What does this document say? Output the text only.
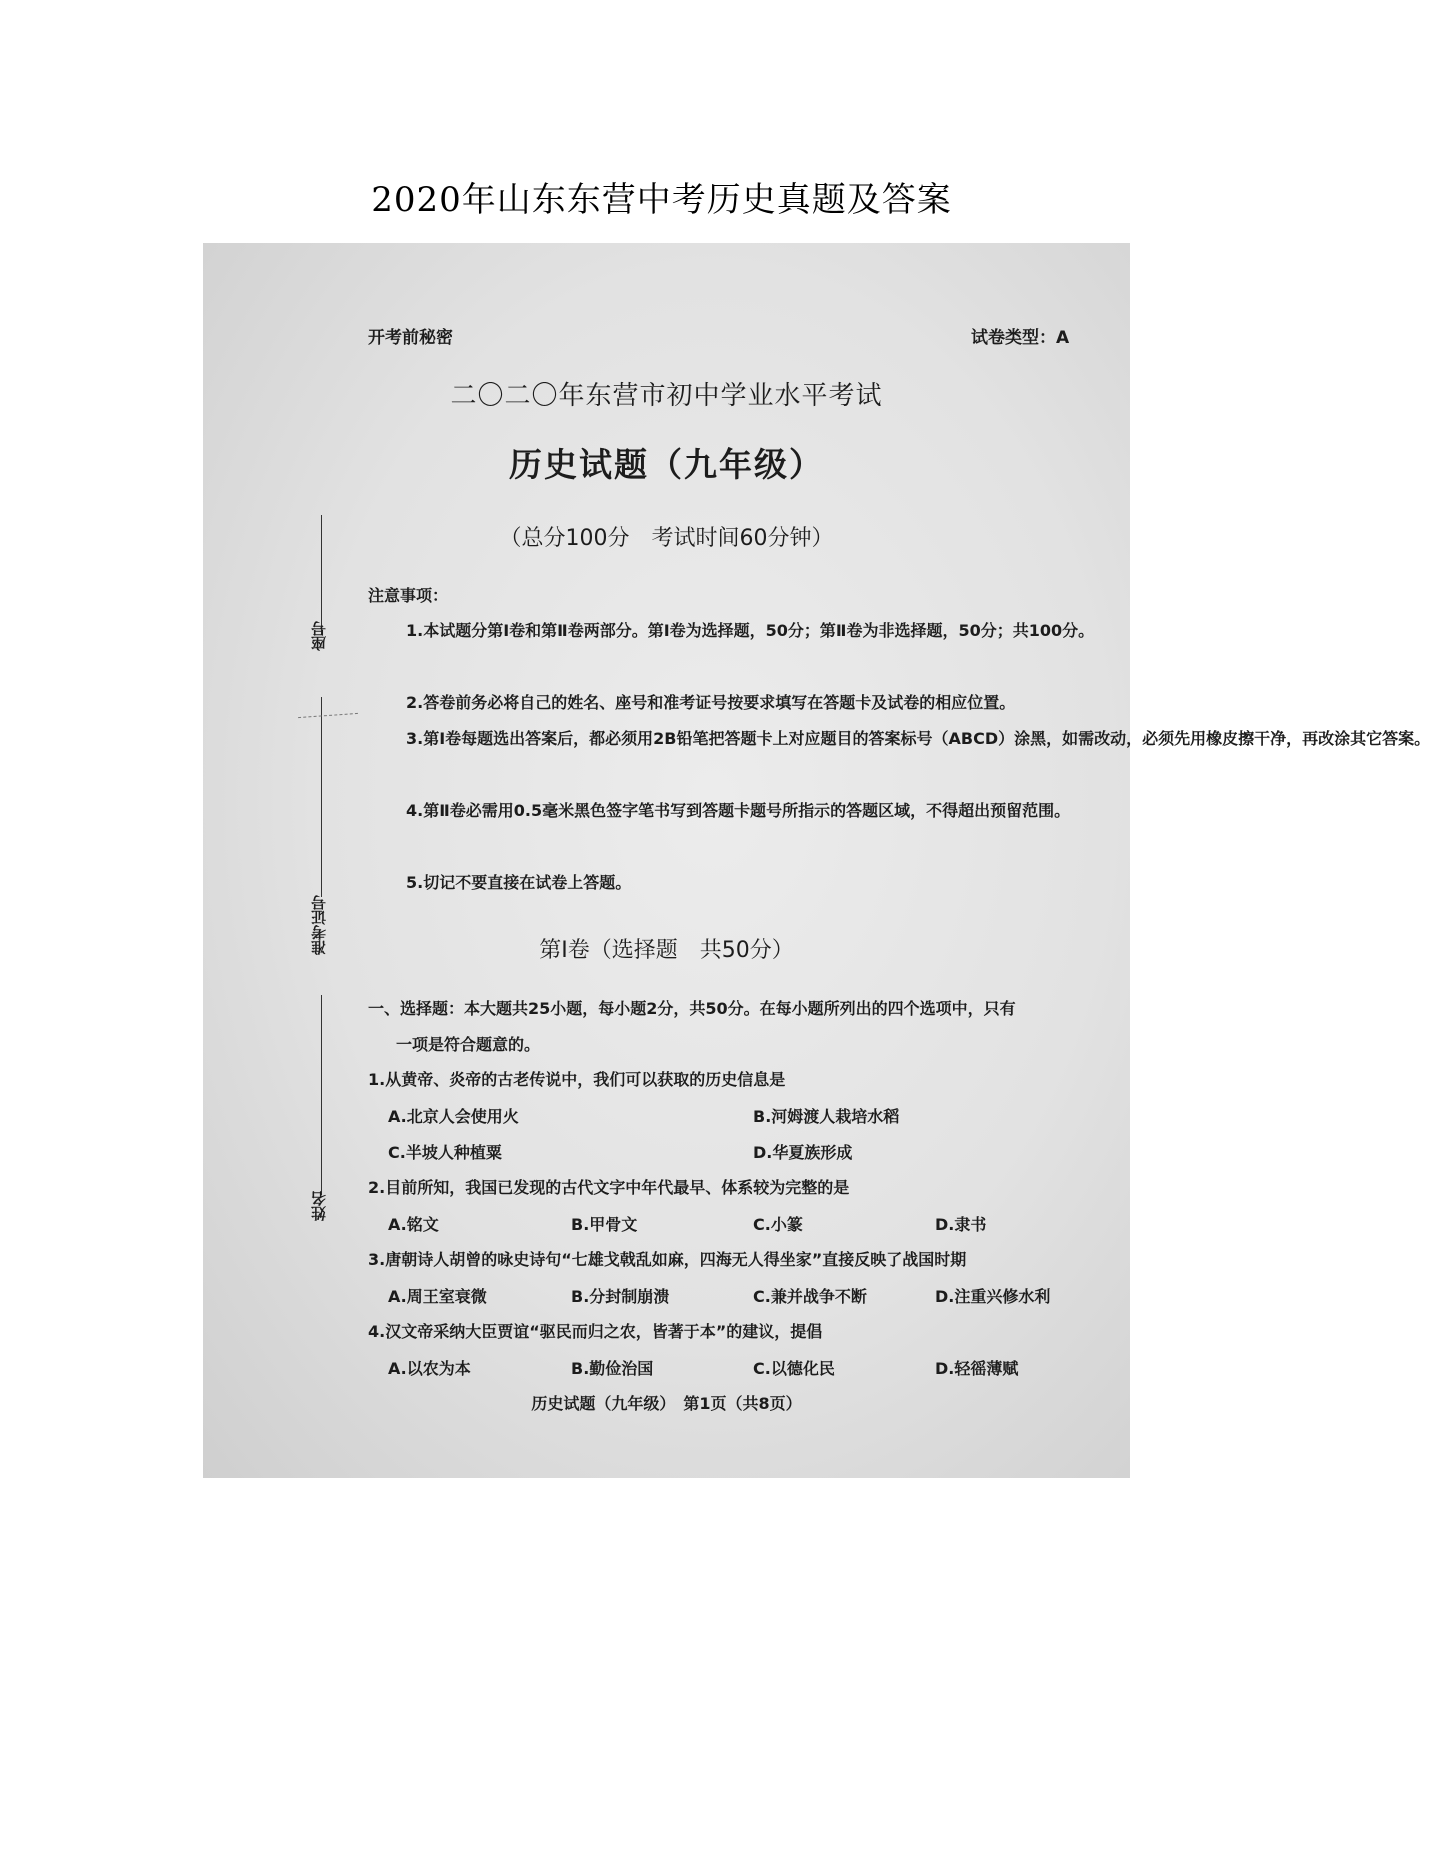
2020年山东东营中考历史真题及答案
座号
准考证号
姓名
开考前秘密	试卷类型：A
二〇二〇年东营市初中学业水平考试
历史试题（九年级）
（总分100分　考试时间60分钟）
注意事项：
1.本试题分第Ⅰ卷和第Ⅱ卷两部分。第Ⅰ卷为选择题，50分；第Ⅱ卷为非选择题，50分；共100分。
2.答卷前务必将自己的姓名、座号和准考证号按要求填写在答题卡及试卷的相应位置。
3.第Ⅰ卷每题选出答案后，都必须用2B铅笔把答题卡上对应题目的答案标号（ABCD）涂黑，如需改动，必须先用橡皮擦干净，再改涂其它答案。
4.第Ⅱ卷必需用0.5毫米黑色签字笔书写到答题卡题号所指示的答题区域，不得超出预留范围。
5.切记不要直接在试卷上答题。
第Ⅰ卷（选择题　共50分）
一、选择题：本大题共25小题，每小题2分，共50分。在每小题所列出的四个选项中，只有
一项是符合题意的。
1.从黄帝、炎帝的古老传说中，我们可以获取的历史信息是
A.北京人会使用火	B.河姆渡人栽培水稻
C.半坡人种植粟	D.华夏族形成
2.目前所知，我国已发现的古代文字中年代最早、体系较为完整的是
A.铭文	B.甲骨文	C.小篆	D.隶书
3.唐朝诗人胡曾的咏史诗句“七雄戈戟乱如麻，四海无人得坐家”直接反映了战国时期
A.周王室衰微	B.分封制崩溃	C.兼并战争不断	D.注重兴修水利
4.汉文帝采纳大臣贾谊“驱民而归之农，皆著于本”的建议，提倡
A.以农为本	B.勤俭治国	C.以德化民	D.轻徭薄赋
历史试题（九年级）　第1页（共8页）
